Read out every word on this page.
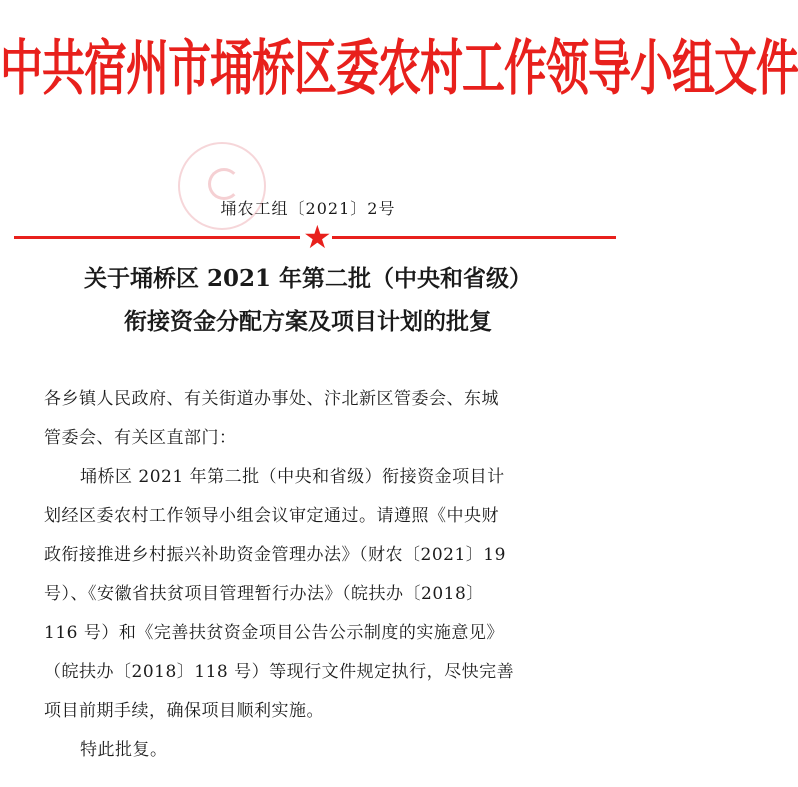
中共宿州市埇桥区委农村工作领导小组文件
埇农工组〔2021〕2号
★
关于埇桥区 2021 年第二批（中央和省级）
衔接资金分配方案及项目计划的批复
各乡镇人民政府、有关街道办事处、汴北新区管委会、东城
管委会、有关区直部门：
埇桥区 2021 年第二批（中央和省级）衔接资金项目计
划经区委农村工作领导小组会议审定通过。请遵照《中央财
政衔接推进乡村振兴补助资金管理办法》（财农〔2021〕19
号）、《安徽省扶贫项目管理暂行办法》（皖扶办〔2018〕
116 号）和《完善扶贫资金项目公告公示制度的实施意见》
（皖扶办〔2018〕118 号）等现行文件规定执行，尽快完善
项目前期手续，确保项目顺利实施。
特此批复。
